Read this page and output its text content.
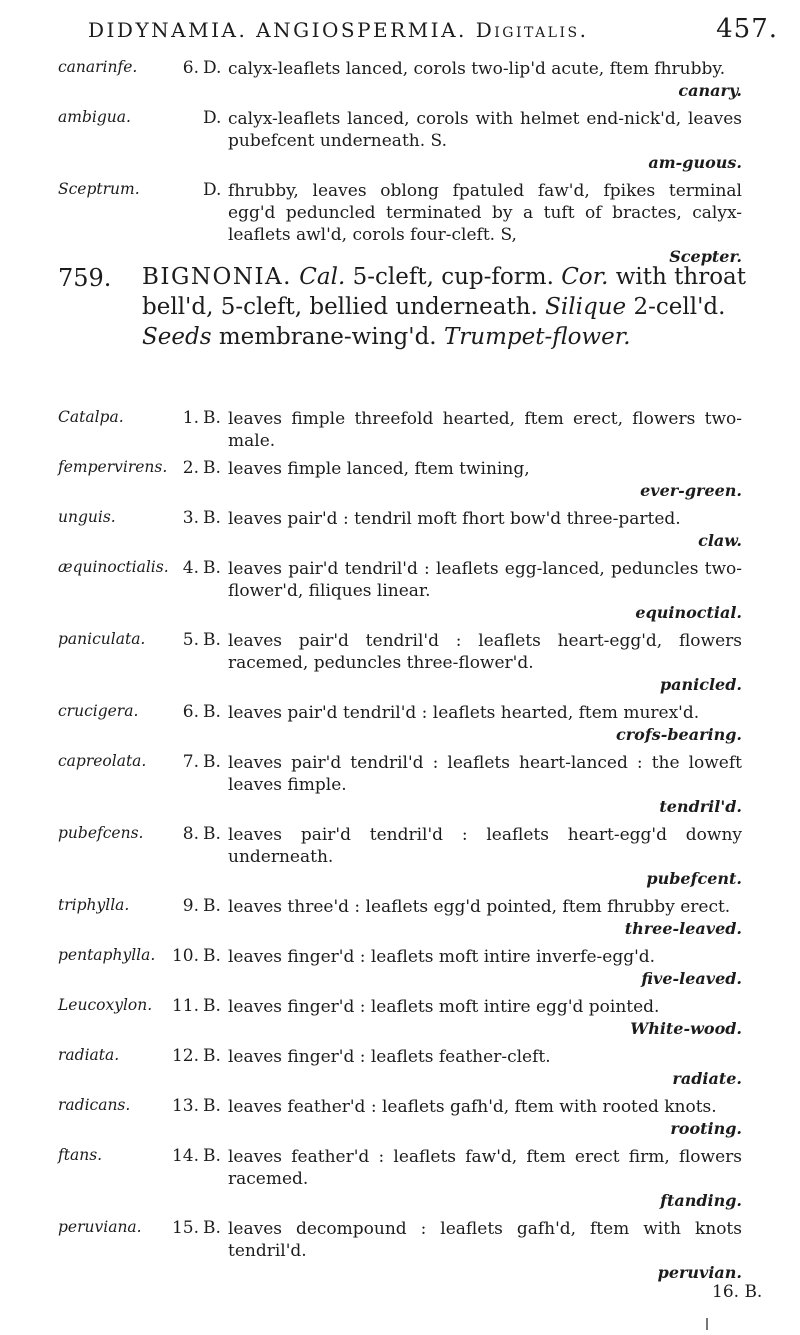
DIDYNAMIA. ANGIOSPERMIA. Digitalis.	457.
canarinfe.	6. D. calyx-leaflets lanced, corols two-lip'd acute, ftem fhrubby.
canary.
ambigua.	D. calyx-leaflets lanced, corols with helmet end-nick'd, leaves pubefcent underneath. S.
am-guous.
Sceptrum.	D. fhrubby, leaves oblong fpatuled faw'd, fpikes terminal egg'd peduncled terminated by a tuft of bractes, calyx-leaflets awl'd, corols four-cleft. S,
Scepter.
759. BIGNONIA. Cal. 5-cleft, cup-form. Cor. with throat bell'd, 5-cleft, bellied underneath. Silique 2-cell'd. Seeds membrane-wing'd. Trumpet-flower.
Catalpa.	1. B. leaves fimple threefold hearted, ftem erect, flowers two-male.
fempervirens. 2. B. leaves fimple lanced, ftem twining,
ever-green.
unguis.	3. B. leaves pair'd : tendril moft fhort bow'd three-parted.
claw.
æquinoctialis. 4. B. leaves pair'd tendril'd : leaflets egg-lanced, peduncles two-flower'd, filiques linear.
equinoctial.
paniculata.	5. B. leaves pair'd tendril'd : leaflets heart-egg'd, flowers racemed, peduncles three-flower'd.
panicled.
crucigera.	6. B. leaves pair'd tendril'd : leaflets hearted, ftem murex'd.
crofs-bearing.
capreolata.	7. B. leaves pair'd tendril'd : leaflets heart-lanced : the loweft leaves fimple.
tendril'd.
pubefcens.	8. B. leaves pair'd tendril'd : leaflets heart-egg'd downy underneath.
pubefcent.
triphylla.	9. B. leaves three'd : leaflets egg'd pointed, ftem fhrubby erect.
three-leaved.
pentaphylla. 10. B. leaves finger'd : leaflets moft intire inverfe-egg'd.
five-leaved.
Leucoxylon.	11. B. leaves finger'd : leaflets moft intire egg'd pointed.
White-wood.
radiata.	12. B. leaves finger'd : leaflets feather-cleft.
radiate.
radicans.	13. B. leaves feather'd : leaflets gafh'd, ftem with rooted knots.
rooting.
ftans.	14. B. leaves feather'd : leaflets faw'd, ftem erect firm, flowers racemed.
ftanding.
peruviana.	15. B. leaves decompound : leaflets gafh'd, ftem with knots tendril'd.
peruvian.
16. B.
